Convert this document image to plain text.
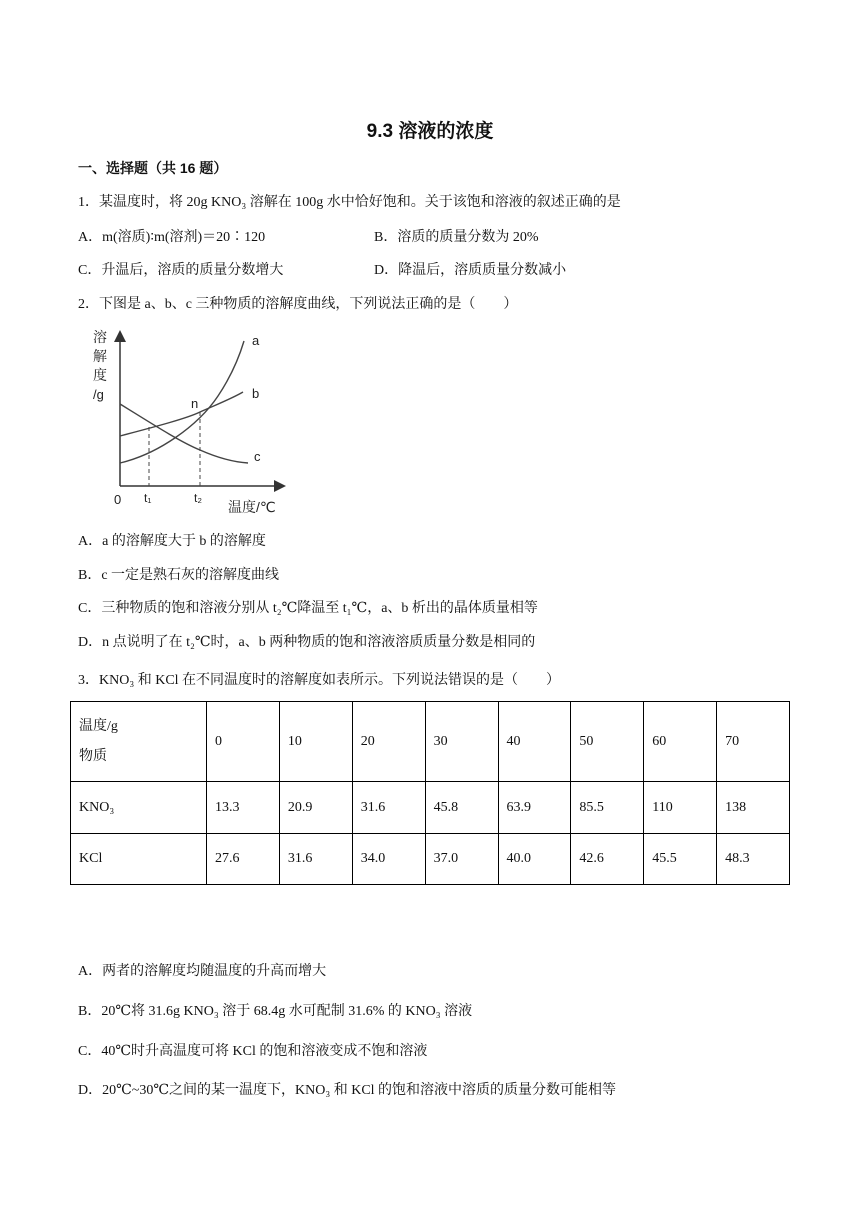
9.3 溶液的浓度
一、选择题（共 16 题）
1．某温度时，将 20g KNO₃ 溶解在 100g 水中恰好饱和。关于该饱和溶液的叙述正确的是
A．m(溶质)∶m(溶剂)＝20∶120	B．溶质的质量分数为 20%
C．升温后，溶质的质量分数增大	D．降温后，溶质质量分数减小
2．下图是 a、b、c 三种物质的溶解度曲线，下列说法正确的是（　　）
溶
解
度
/g
a
b
c
n
0 t₁	t₂
温度/℃
A．a 的溶解度大于 b 的溶解度
B．c 一定是熟石灰的溶解度曲线
C．三种物质的饱和溶液分别从 t₂℃降温至 t₁℃，a、b 析出的晶体质量相等
D．n 点说明了在 t₂℃时，a、b 两种物质的饱和溶液溶质质量分数是相同的
3．KNO₃ 和 KCl 在不同温度时的溶解度如表所示。下列说法错误的是（　　）
温度/g
物质	0	10	20	30	40	50	60	70
KNO₃	13.3	20.9	31.6	45.8	63.9	85.5	110	138
KCl	27.6	31.6	34.0	37.0	40.0	42.6	45.5	48.3
A．两者的溶解度均随温度的升高而增大
B．20℃将 31.6g KNO₃ 溶于 68.4g 水可配制 31.6% 的 KNO₃ 溶液
C．40℃时升高温度可将 KCl 的饱和溶液变成不饱和溶液
D．20℃~30℃之间的某一温度下，KNO₃ 和 KCl 的饱和溶液中溶质的质量分数可能相等
